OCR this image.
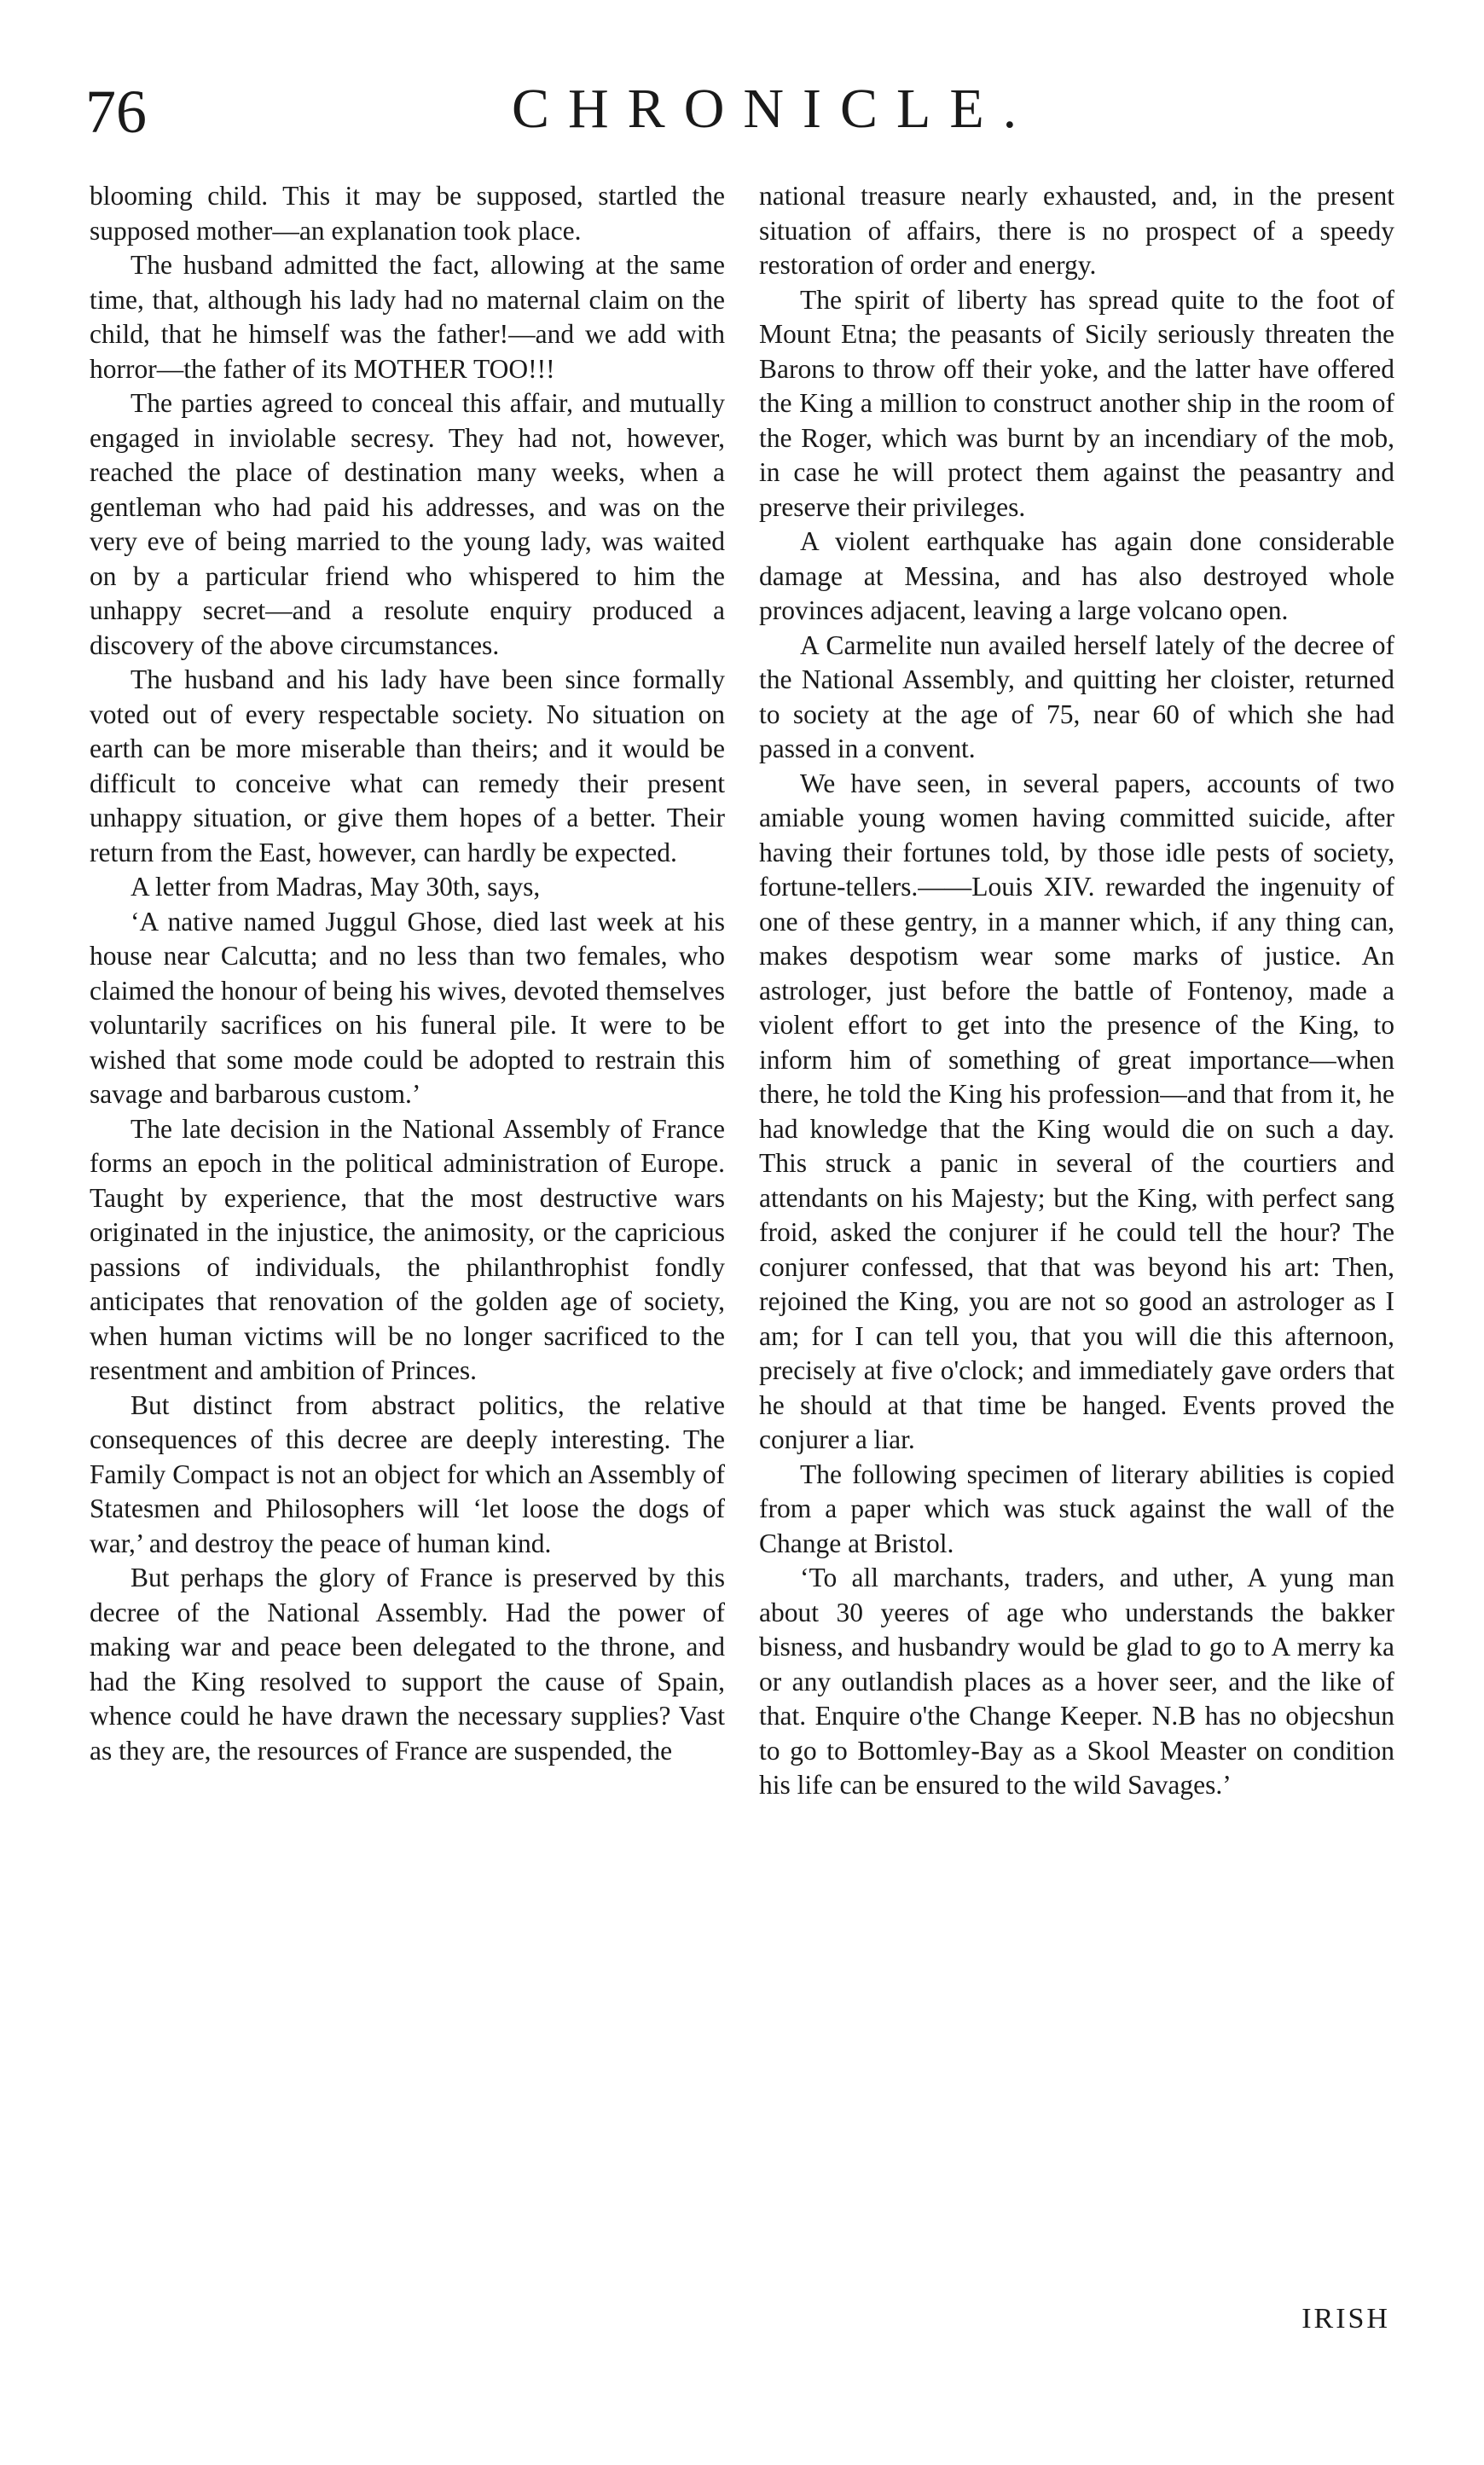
76	CHRONICLE.

blooming child. This it may be supposed, startled the supposed mother—an explanation took place.

The husband admitted the fact, allowing at the same time, that, although his lady had no maternal claim on the child, that he himself was the father!—and we add with horror—the father of its MOTHER TOO!!!

The parties agreed to conceal this affair, and mutually engaged in inviolable secresy. They had not, however, reached the place of destination many weeks, when a gentleman who had paid his addresses, and was on the very eve of being married to the young lady, was waited on by a particular friend who whispered to him the unhappy secret—and a resolute enquiry produced a discovery of the above circumstances.

The husband and his lady have been since formally voted out of every respectable society. No situation on earth can be more miserable than theirs; and it would be difficult to conceive what can remedy their present unhappy situation, or give them hopes of a better. Their return from the East, however, can hardly be expected.

A letter from Madras, May 30th, says,

‘A native named Juggul Ghose, died last week at his house near Calcutta; and no less than two females, who claimed the honour of being his wives, devoted themselves voluntarily sacrifices on his funeral pile. It were to be wished that some mode could be adopted to restrain this savage and barbarous custom.’

The late decision in the National Assembly of France forms an epoch in the political administration of Europe. Taught by experience, that the most destructive wars originated in the injustice, the animosity, or the capricious passions of individuals, the philanthrophist fondly anticipates that renovation of the golden age of society, when human victims will be no longer sacrificed to the resentment and ambition of Princes.

But distinct from abstract politics, the relative consequences of this decree are deeply interesting. The Family Compact is not an object for which an Assembly of Statesmen and Philosophers will ‘let loose the dogs of war,’ and destroy the peace of human kind.

But perhaps the glory of France is preserved by this decree of the National Assembly. Had the power of making war and peace been delegated to the throne, and had the King resolved to support the cause of Spain, whence could he have drawn the necessary supplies? Vast as they are, the resources of France are suspended, the

national treasure nearly exhausted, and, in the present situation of affairs, there is no prospect of a speedy restoration of order and energy.

The spirit of liberty has spread quite to the foot of Mount Etna; the peasants of Sicily seriously threaten the Barons to throw off their yoke, and the latter have offered the King a million to construct another ship in the room of the Roger, which was burnt by an incendiary of the mob, in case he will protect them against the peasantry and preserve their privileges.

A violent earthquake has again done considerable damage at Messina, and has also destroyed whole provinces adjacent, leaving a large volcano open.

A Carmelite nun availed herself lately of the decree of the National Assembly, and quitting her cloister, returned to society at the age of 75, near 60 of which she had passed in a convent.

We have seen, in several papers, accounts of two amiable young women having committed suicide, after having their fortunes told, by those idle pests of society, fortune-tellers.——Louis XIV. rewarded the ingenuity of one of these gentry, in a manner which, if any thing can, makes despotism wear some marks of justice. An astrologer, just before the battle of Fontenoy, made a violent effort to get into the presence of the King, to inform him of something of great importance—when there, he told the King his profession—and that from it, he had knowledge that the King would die on such a day. This struck a panic in several of the courtiers and attendants on his Majesty; but the King, with perfect sang froid, asked the conjurer if he could tell the hour? The conjurer confessed, that that was beyond his art: Then, rejoined the King, you are not so good an astrologer as I am; for I can tell you, that you will die this afternoon, precisely at five o'clock; and immediately gave orders that he should at that time be hanged. Events proved the conjurer a liar.

The following specimen of literary abilities is copied from a paper which was stuck against the wall of the Change at Bristol.

‘To all marchants, traders, and uther, A yung man about 30 yeeres of age who understands the bakker bisness, and husbandry would be glad to go to A merry ka or any outlandish places as a hover seer, and the like of that. Enquire o'the Change Keeper. N.B has no objecshun to go to Bottomley-Bay as a Skool Measter on condition his life can be ensured to the wild Savages.’

IRISH
